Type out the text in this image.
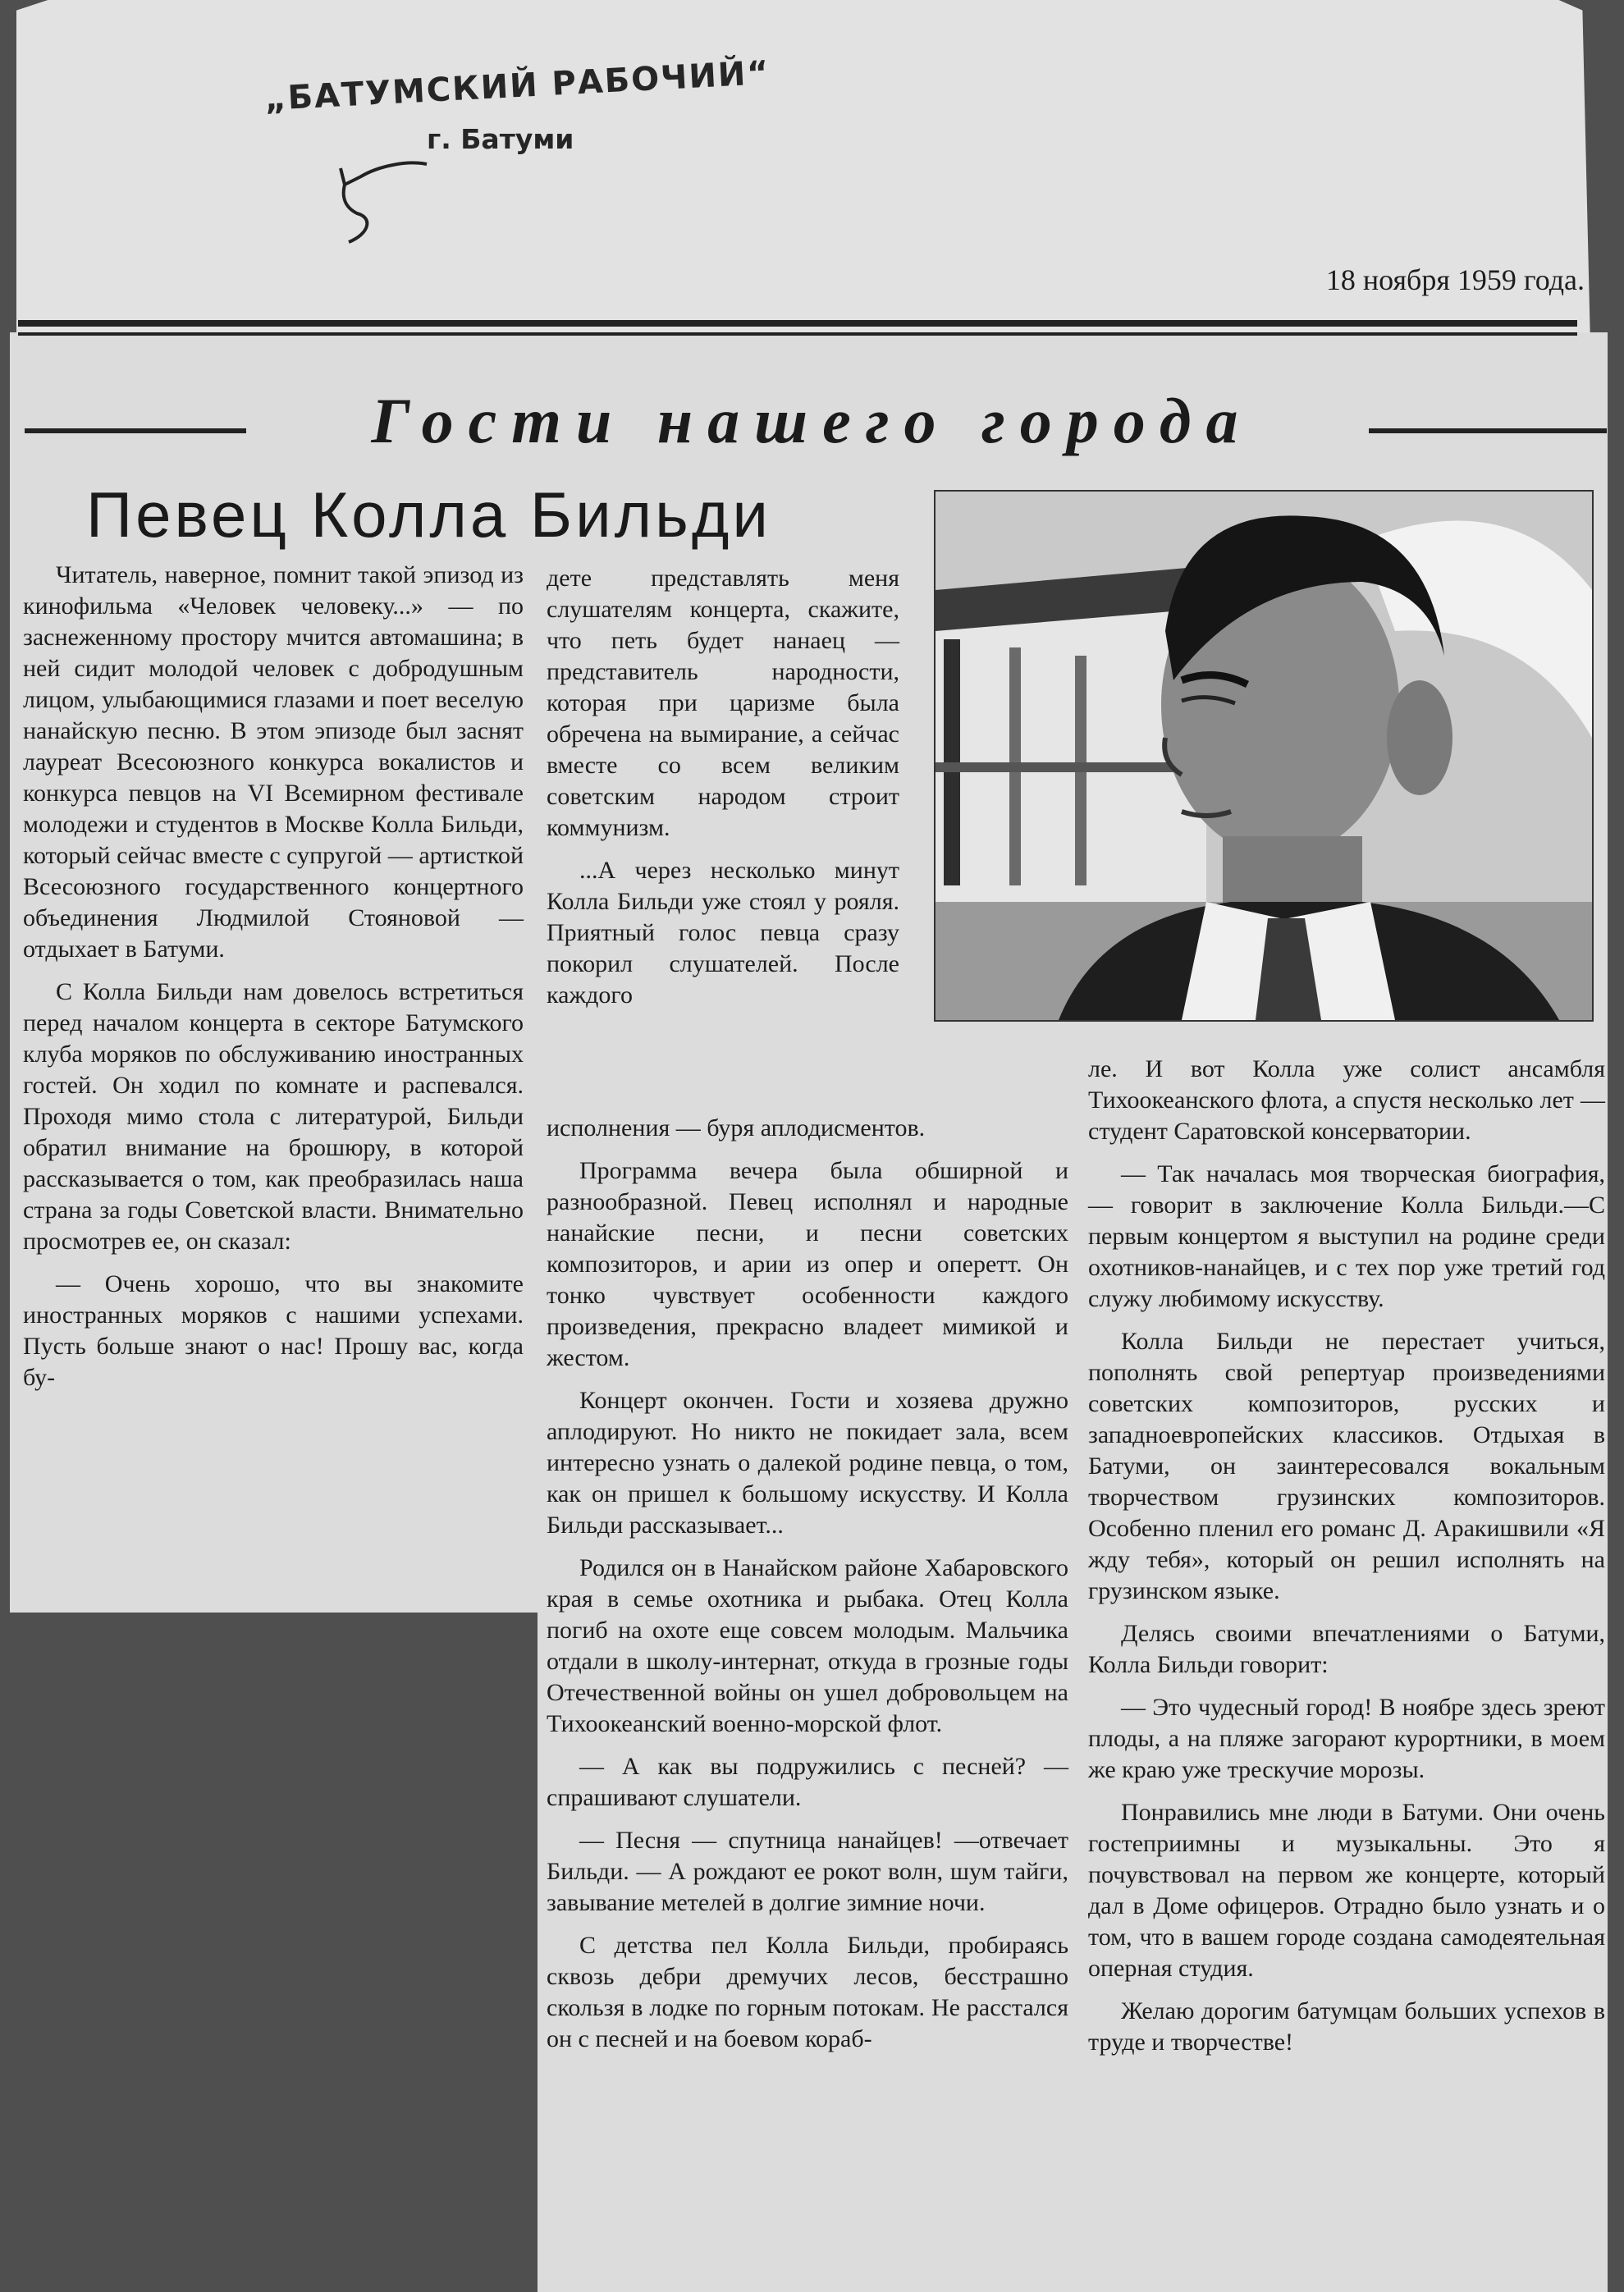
„БАТУМСКИЙ РАБОЧИЙ“
г. Батуми
18 ноября 1959 года.
Гости нашего города
Певец Колла Бильди

Читатель, наверное, помнит такой эпизод из кинофильма «Человек человеку...» — по заснеженному простору мчится автомашина; в ней сидит молодой человек с добродушным лицом, улыбающимися глазами и поет веселую нанайскую песню. В этом эпизоде был заснят лауреат Всесоюзного конкурса вокалистов и конкурса певцов на VI Всемирном фестивале молодежи и студентов в Москве Колла Бильди, который сейчас вместе с супругой — артисткой Всесоюзного государственного концертного объединения Людмилой Стояновой — отдыхает в Батуми.

С Колла Бильди нам довелось встретиться перед началом концерта в секторе Батумского клуба моряков по обслуживанию иностранных гостей. Он ходил по комнате и распевался. Проходя мимо стола с литературой, Бильди обратил внимание на брошюру, в которой рассказывается о том, как преобразилась наша страна за годы Советской власти. Внимательно просмотрев ее, он сказал:

— Очень хорошо, что вы знакомите иностранных моряков с нашими успехами. Пусть больше знают о нас! Прошу вас, когда бу-

дете представлять меня слушателям концерта, скажите, что петь будет нанаец — представитель народности, которая при царизме была обречена на вымирание, а сейчас вместе со всем великим советским народом строит коммунизм.

...А через несколько минут Колла Бильди уже стоял у рояля. Приятный голос певца сразу покорил слушателей. После каждого

исполнения — буря аплодисментов.

Программа вечера была обширной и разнообразной. Певец исполнял и народные нанайские песни, и песни советских композиторов, и арии из опер и оперетт. Он тонко чувствует особенности каждого произведения, прекрасно владеет мимикой и жестом.

Концерт окончен. Гости и хозяева дружно аплодируют. Но никто не покидает зала, всем интересно узнать о далекой родине певца, о том, как он пришел к большому искусству. И Колла Бильди рассказывает...

Родился он в Нанайском районе Хабаровского края в семье охотника и рыбака. Отец Колла погиб на охоте еще совсем молодым. Мальчика отдали в школу-интернат, откуда в грозные годы Отечественной войны он ушел добровольцем на Тихоокеанский военно-морской флот.

— А как вы подружились с песней? — спрашивают слушатели.

— Песня — спутница нанайцев! —отвечает Бильди. — А рождают ее рокот волн, шум тайги, завывание метелей в долгие зимние ночи.

С детства пел Колла Бильди, пробираясь сквозь дебри дремучих лесов, бесстрашно скользя в лодке по горным потокам. Не расстался он с песней и на боевом кораб-

ле. И вот Колла уже солист ансамбля Тихоокеанского флота, а спустя несколько лет — студент Саратовской консерватории.

— Так началась моя творческая биография, — говорит в заключение Колла Бильди.—С первым концертом я выступил на родине среди охотников-нанайцев, и с тех пор уже третий год служу любимому искусству.

Колла Бильди не перестает учиться, пополнять свой репертуар произведениями советских композиторов, русских и западноевропейских классиков. Отдыхая в Батуми, он заинтересовался вокальным творчеством грузинских композиторов. Особенно пленил его романс Д. Аракишвили «Я жду тебя», который он решил исполнять на грузинском языке.

Делясь своими впечатлениями о Батуми, Колла Бильди говорит:

— Это чудесный город! В ноябре здесь зреют плоды, а на пляже загорают курортники, в моем же краю уже трескучие морозы.

Понравились мне люди в Батуми. Они очень гостеприимны и музыкальны. Это я почувствовал на первом же концерте, который дал в Доме офицеров. Отрадно было узнать и о том, что в вашем городе создана самодеятельная оперная студия.

Желаю дорогим батумцам больших успехов в труде и творчестве!
